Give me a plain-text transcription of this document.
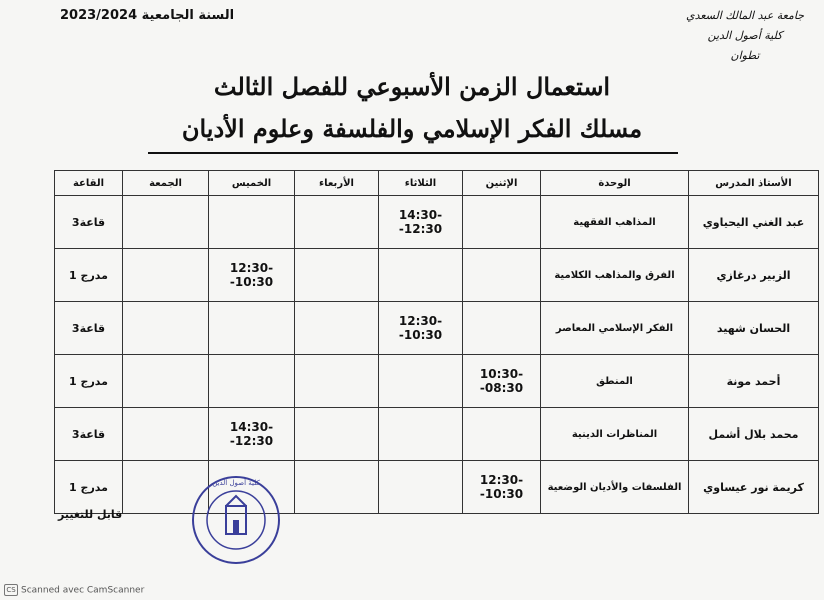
السنة الجامعية 2023/2024	جامعة عبد المالك السعدي
كلية أصول الدين
تطوان
استعمال الزمن الأسبوعي للفصل الثالث
مسلك الفكر الإسلامي والفلسفة وعلوم الأديان
الأستاذ المدرس	الوحدة	الإثنين	الثلاثاء	الأربعاء	الخميس	الجمعة	القاعة
عبد الغني اليحياوي	المذاهب الفقهية		14:30--12:30				قاعة3
الزبير درغازي	الفرق والمذاهب الكلامية				12:30--10:30		مدرج 1
الحسان شهيد	الفكر الإسلامي المعاصر		12:30--10:30				قاعة3
أحمد مونة	المنطق	10:30--08:30					مدرج 1
محمد بلال أشمل	المناظرات الدينية				14:30--12:30		قاعة3
كريمة نور عيساوي	الفلسفات والأديان الوضعية	12:30--10:30					مدرج 1
قابل للتغيير
كلية أصول الدين
CS Scanned avec CamScanner
